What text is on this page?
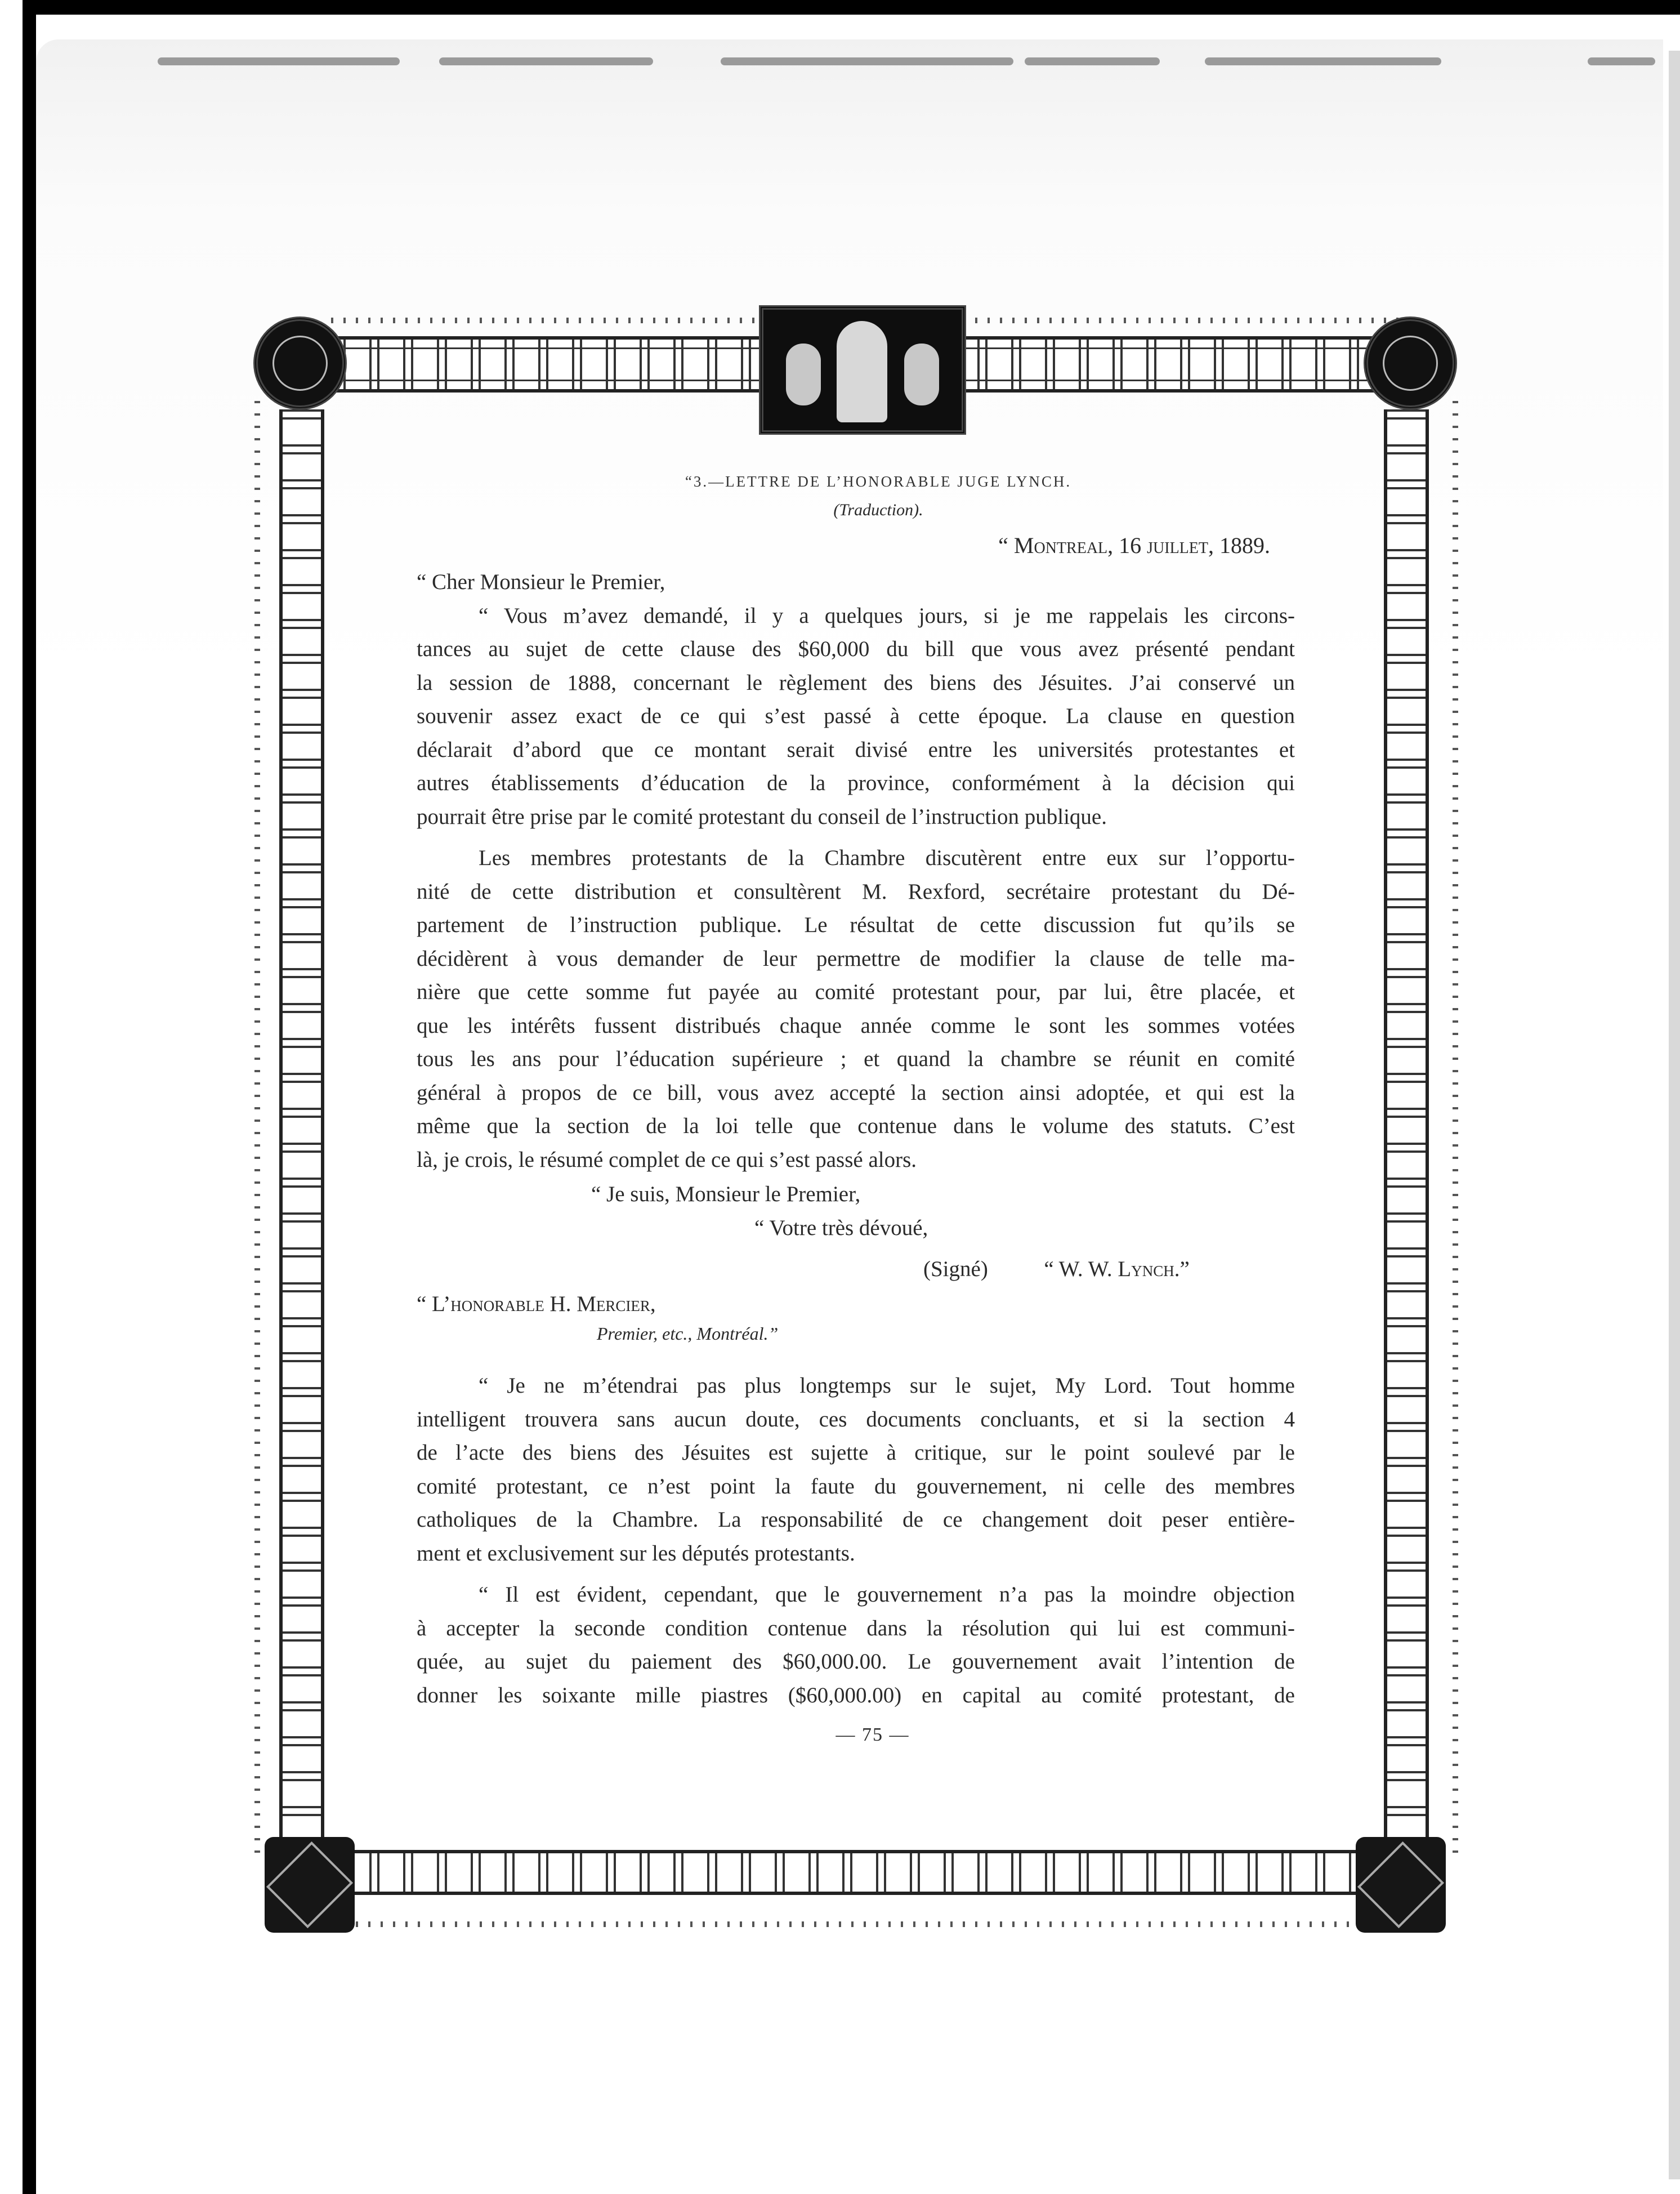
“3.—LETTRE DE L’HONORABLE JUGE LYNCH.
(Traduction).
“ Montreal, 16 juillet, 1889.
“ Cher Monsieur le Premier,
“ Vous m’avez demandé, il y a quelques jours, si je me rappelais les circons-
tances au sujet de cette clause des $60,000 du bill que vous avez présenté pendant
la session de 1888, concernant le règlement des biens des Jésuites. J’ai conservé un
souvenir assez exact de ce qui s’est passé à cette époque. La clause en question
déclarait d’abord que ce montant serait divisé entre les universités protestantes et
autres établissements d’éducation de la province, conformément à la décision qui
pourrait être prise par le comité protestant du conseil de l’instruction publique.
Les membres protestants de la Chambre discutèrent entre eux sur l’opportu-
nité de cette distribution et consultèrent M. Rexford, secrétaire protestant du Dé-
partement de l’instruction publique. Le résultat de cette discussion fut qu’ils se
décidèrent à vous demander de leur permettre de modifier la clause de telle ma-
nière que cette somme fut payée au comité protestant pour, par lui, être placée, et
que les intérêts fussent distribués chaque année comme le sont les sommes votées
tous les ans pour l’éducation supérieure ; et quand la chambre se réunit en comité
général à propos de ce bill, vous avez accepté la section ainsi adoptée, et qui est la
même que la section de la loi telle que contenue dans le volume des statuts. C’est
là, je crois, le résumé complet de ce qui s’est passé alors.
“ Je suis, Monsieur le Premier,
“ Votre très dévoué,
(Signé)	“ W. W. Lynch.”
“ L’honorable H. Mercier,
Premier, etc., Montréal.”
“ Je ne m’étendrai pas plus longtemps sur le sujet, My Lord. Tout homme
intelligent trouvera sans aucun doute, ces documents concluants, et si la section 4
de l’acte des biens des Jésuites est sujette à critique, sur le point soulevé par le
comité protestant, ce n’est point la faute du gouvernement, ni celle des membres
catholiques de la Chambre. La responsabilité de ce changement doit peser entière-
ment et exclusivement sur les députés protestants.
“ Il est évident, cependant, que le gouvernement n’a pas la moindre objection
à accepter la seconde condition contenue dans la résolution qui lui est communi-
quée, au sujet du paiement des $60,000.00. Le gouvernement avait l’intention de
donner les soixante mille piastres ($60,000.00) en capital au comité protestant, de
— 75 —
